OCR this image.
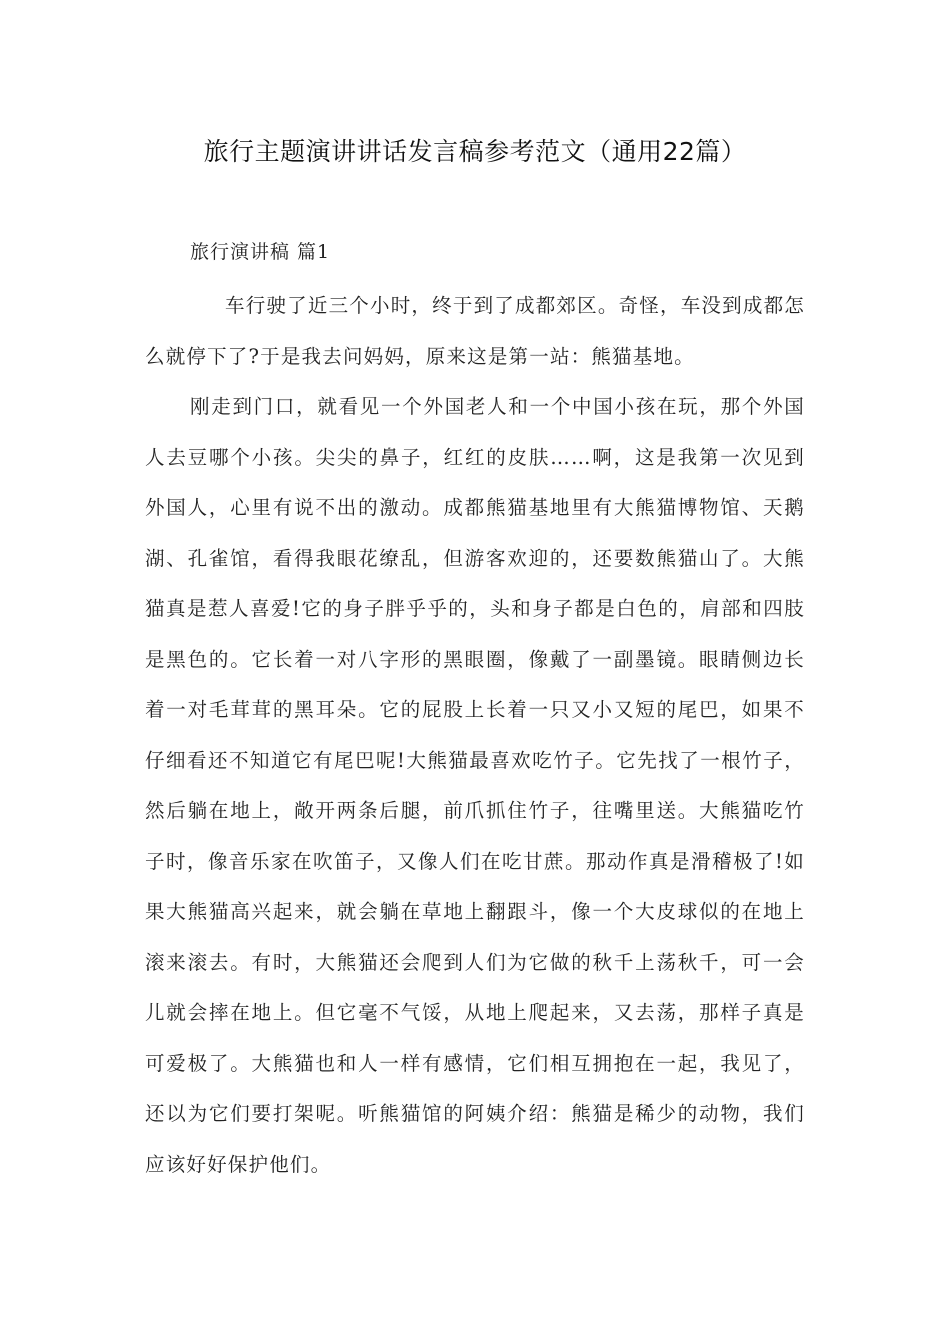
旅行主题演讲讲话发言稿参考范文（通用22篇）
旅行演讲稿 篇1

车行驶了近三个小时，终于到了成都郊区。奇怪，车没到成都怎么就停下了?于是我去问妈妈，原来这是第一站：熊猫基地。

刚走到门口，就看见一个外国老人和一个中国小孩在玩，那个外国人去豆哪个小孩。尖尖的鼻子，红红的皮肤……啊，这是我第一次见到外国人，心里有说不出的激动。成都熊猫基地里有大熊猫博物馆、天鹅湖、孔雀馆，看得我眼花缭乱，但游客欢迎的，还要数熊猫山了。大熊猫真是惹人喜爱!它的身子胖乎乎的，头和身子都是白色的，肩部和四肢是黑色的。它长着一对八字形的黑眼圈，像戴了一副墨镜。眼睛侧边长着一对毛茸茸的黑耳朵。它的屁股上长着一只又小又短的尾巴，如果不仔细看还不知道它有尾巴呢!大熊猫最喜欢吃竹子。它先找了一根竹子，然后躺在地上，敞开两条后腿，前爪抓住竹子，往嘴里送。大熊猫吃竹子时，像音乐家在吹笛子，又像人们在吃甘蔗。那动作真是滑稽极了!如果大熊猫高兴起来，就会躺在草地上翻跟斗，像一个大皮球似的在地上滚来滚去。有时，大熊猫还会爬到人们为它做的秋千上荡秋千，可一会儿就会摔在地上。但它毫不气馁，从地上爬起来，又去荡，那样子真是可爱极了。大熊猫也和人一样有感情，它们相互拥抱在一起，我见了，还以为它们要打架呢。听熊猫馆的阿姨介绍：熊猫是稀少的动物，我们应该好好保护他们。
